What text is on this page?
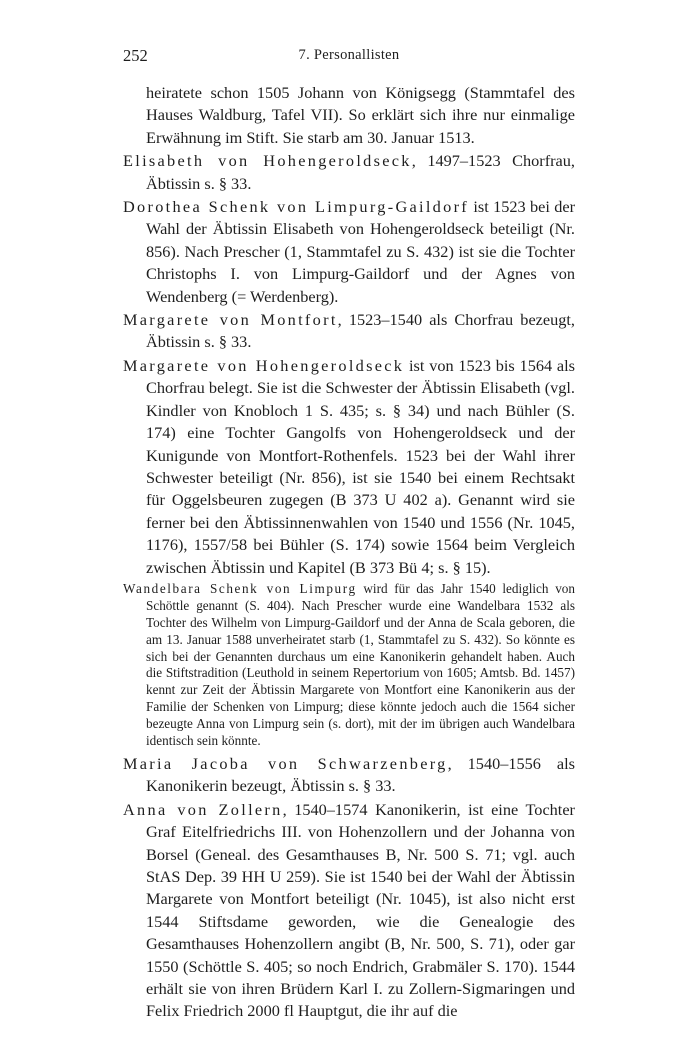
252	7. Personallisten

heiratete schon 1505 Johann von Königsegg (Stammtafel des Hauses Waldburg, Tafel VII). So erklärt sich ihre nur einmalige Erwähnung im Stift. Sie starb am 30. Januar 1513.

Elisabeth von Hohengeroldseck, 1497–1523 Chorfrau, Äbtissin s. § 33.

Dorothea Schenk von Limpurg-Gaildorf ist 1523 bei der Wahl der Äbtissin Elisabeth von Hohengeroldseck beteiligt (Nr. 856). Nach Prescher (1, Stammtafel zu S. 432) ist sie die Tochter Christophs I. von Limpurg-Gaildorf und der Agnes von Wendenberg (= Werdenberg).

Margarete von Montfort, 1523–1540 als Chorfrau bezeugt, Äbtissin s. § 33.

Margarete von Hohengeroldseck ist von 1523 bis 1564 als Chorfrau belegt. Sie ist die Schwester der Äbtissin Elisabeth (vgl. Kindler von Knobloch 1 S. 435; s. § 34) und nach Bühler (S. 174) eine Tochter Gangolfs von Hohengeroldseck und der Kunigunde von Montfort-Rothenfels. 1523 bei der Wahl ihrer Schwester beteiligt (Nr. 856), ist sie 1540 bei einem Rechtsakt für Oggelsbeuren zugegen (B 373 U 402 a). Genannt wird sie ferner bei den Äbtissinnenwahlen von 1540 und 1556 (Nr. 1045, 1176), 1557/58 bei Bühler (S. 174) sowie 1564 beim Vergleich zwischen Äbtissin und Kapitel (B 373 Bü 4; s. § 15).

Wandelbara Schenk von Limpurg wird für das Jahr 1540 lediglich von Schöttle genannt (S. 404). Nach Prescher wurde eine Wandelbara 1532 als Tochter des Wilhelm von Limpurg-Gaildorf und der Anna de Scala geboren, die am 13. Januar 1588 unverheiratet starb (1, Stammtafel zu S. 432). So könnte es sich bei der Genannten durchaus um eine Kanonikerin gehandelt haben. Auch die Stiftstradition (Leuthold in seinem Repertorium von 1605; Amtsb. Bd. 1457) kennt zur Zeit der Äbtissin Margarete von Montfort eine Kanonikerin aus der Familie der Schenken von Limpurg; diese könnte jedoch auch die 1564 sicher bezeugte Anna von Limpurg sein (s. dort), mit der im übrigen auch Wandelbara identisch sein könnte.

Maria Jacoba von Schwarzenberg, 1540–1556 als Kanonikerin bezeugt, Äbtissin s. § 33.

Anna von Zollern, 1540–1574 Kanonikerin, ist eine Tochter Graf Eitelfriedrichs III. von Hohenzollern und der Johanna von Borsel (Geneal. des Gesamthauses B, Nr. 500 S. 71; vgl. auch StAS Dep. 39 HH U 259). Sie ist 1540 bei der Wahl der Äbtissin Margarete von Montfort beteiligt (Nr. 1045), ist also nicht erst 1544 Stiftsdame geworden, wie die Genealogie des Gesamthauses Hohenzollern angibt (B, Nr. 500, S. 71), oder gar 1550 (Schöttle S. 405; so noch Endrich, Grabmäler S. 170). 1544 erhält sie von ihren Brüdern Karl I. zu Zollern-Sigmaringen und Felix Friedrich 2000 fl Hauptgut, die ihr auf die
